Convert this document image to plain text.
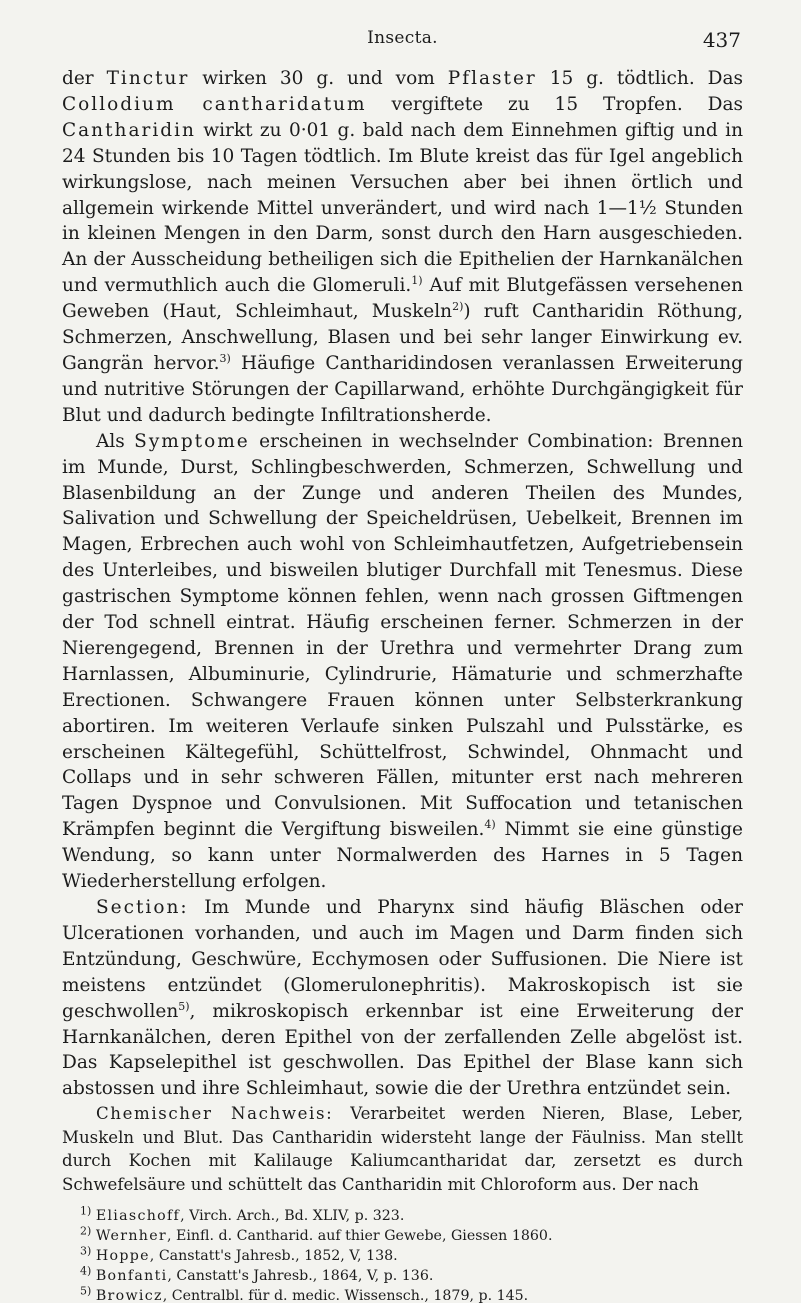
Insecta.	437

der Tinctur wirken 30 g. und vom Pflaster 15 g. tödtlich. Das Collodium cantharidatum vergiftete zu 15 Tropfen. Das Cantharidin wirkt zu 0·01 g. bald nach dem Einnehmen giftig und in 24 Stunden bis 10 Tagen tödtlich. Im Blute kreist das für Igel angeblich wirkungslose, nach meinen Versuchen aber bei ihnen örtlich und allgemein wirkende Mittel unverändert, und wird nach 1—1½ Stunden in kleinen Mengen in den Darm, sonst durch den Harn ausgeschieden. An der Ausscheidung betheiligen sich die Epithelien der Harnkanälchen und vermuthlich auch die Glomeruli.$^{1)}$ Auf mit Blutgefässen versehenen Geweben (Haut, Schleimhaut, Muskeln$^{2)}$) ruft Cantharidin Röthung, Schmerzen, Anschwellung, Blasen und bei sehr langer Einwirkung ev. Gangrän hervor.$^{3)}$ Häufige Cantharidindosen veranlassen Erweiterung und nutritive Störungen der Capillarwand, erhöhte Durchgängigkeit für Blut und dadurch bedingte Infiltrationsherde.

Als Symptome erscheinen in wechselnder Combination: Brennen im Munde, Durst, Schlingbeschwerden, Schmerzen, Schwellung und Blasenbildung an der Zunge und anderen Theilen des Mundes, Salivation und Schwellung der Speicheldrüsen, Uebelkeit, Brennen im Magen, Erbrechen auch wohl von Schleimhautfetzen, Aufgetriebensein des Unterleibes, und bisweilen blutiger Durchfall mit Tenesmus. Diese gastrischen Symptome können fehlen, wenn nach grossen Giftmengen der Tod schnell eintrat. Häufig erscheinen ferner. Schmerzen in der Nierengegend, Brennen in der Urethra und vermehrter Drang zum Harnlassen, Albuminurie, Cylindrurie, Hämaturie und schmerzhafte Erectionen. Schwangere Frauen können unter Selbsterkrankung abortiren. Im weiteren Verlaufe sinken Pulszahl und Pulsstärke, es erscheinen Kältegefühl, Schüttelfrost, Schwindel, Ohnmacht und Collaps und in sehr schweren Fällen, mitunter erst nach mehreren Tagen Dyspnoe und Convulsionen. Mit Suffocation und tetanischen Krämpfen beginnt die Vergiftung bisweilen.$^{4)}$ Nimmt sie eine günstige Wendung, so kann unter Normalwerden des Harnes in 5 Tagen Wiederherstellung erfolgen.

Section: Im Munde und Pharynx sind häufig Bläschen oder Ulcerationen vorhanden, und auch im Magen und Darm finden sich Entzündung, Geschwüre, Ecchymosen oder Suffusionen. Die Niere ist meistens entzündet (Glomerulonephritis). Makroskopisch ist sie geschwollen$^{5)}$, mikroskopisch erkennbar ist eine Erweiterung der Harnkanälchen, deren Epithel von der zerfallenden Zelle abgelöst ist. Das Kapselepithel ist geschwollen. Das Epithel der Blase kann sich abstossen und ihre Schleimhaut, sowie die der Urethra entzündet sein.

Chemischer Nachweis: Verarbeitet werden Nieren, Blase, Leber, Muskeln und Blut. Das Cantharidin widersteht lange der Fäulniss. Man stellt durch Kochen mit Kalilauge Kaliumcantharidat dar, zersetzt es durch Schwefelsäure und schüttelt das Cantharidin mit Chloroform aus. Der nach

$^{1)}$ Eliaschoff, Virch. Arch., Bd. XLIV, p. 323.
$^{2)}$ Wernher, Einfl. d. Cantharid. auf thier Gewebe, Giessen 1860.
$^{3)}$ Hoppe, Canstatt's Jahresb., 1852, V, 138.
$^{4)}$ Bonfanti, Canstatt's Jahresb., 1864, V, p. 136.
$^{5)}$ Browicz, Centralbl. für d. medic. Wissensch., 1879, p. 145.
